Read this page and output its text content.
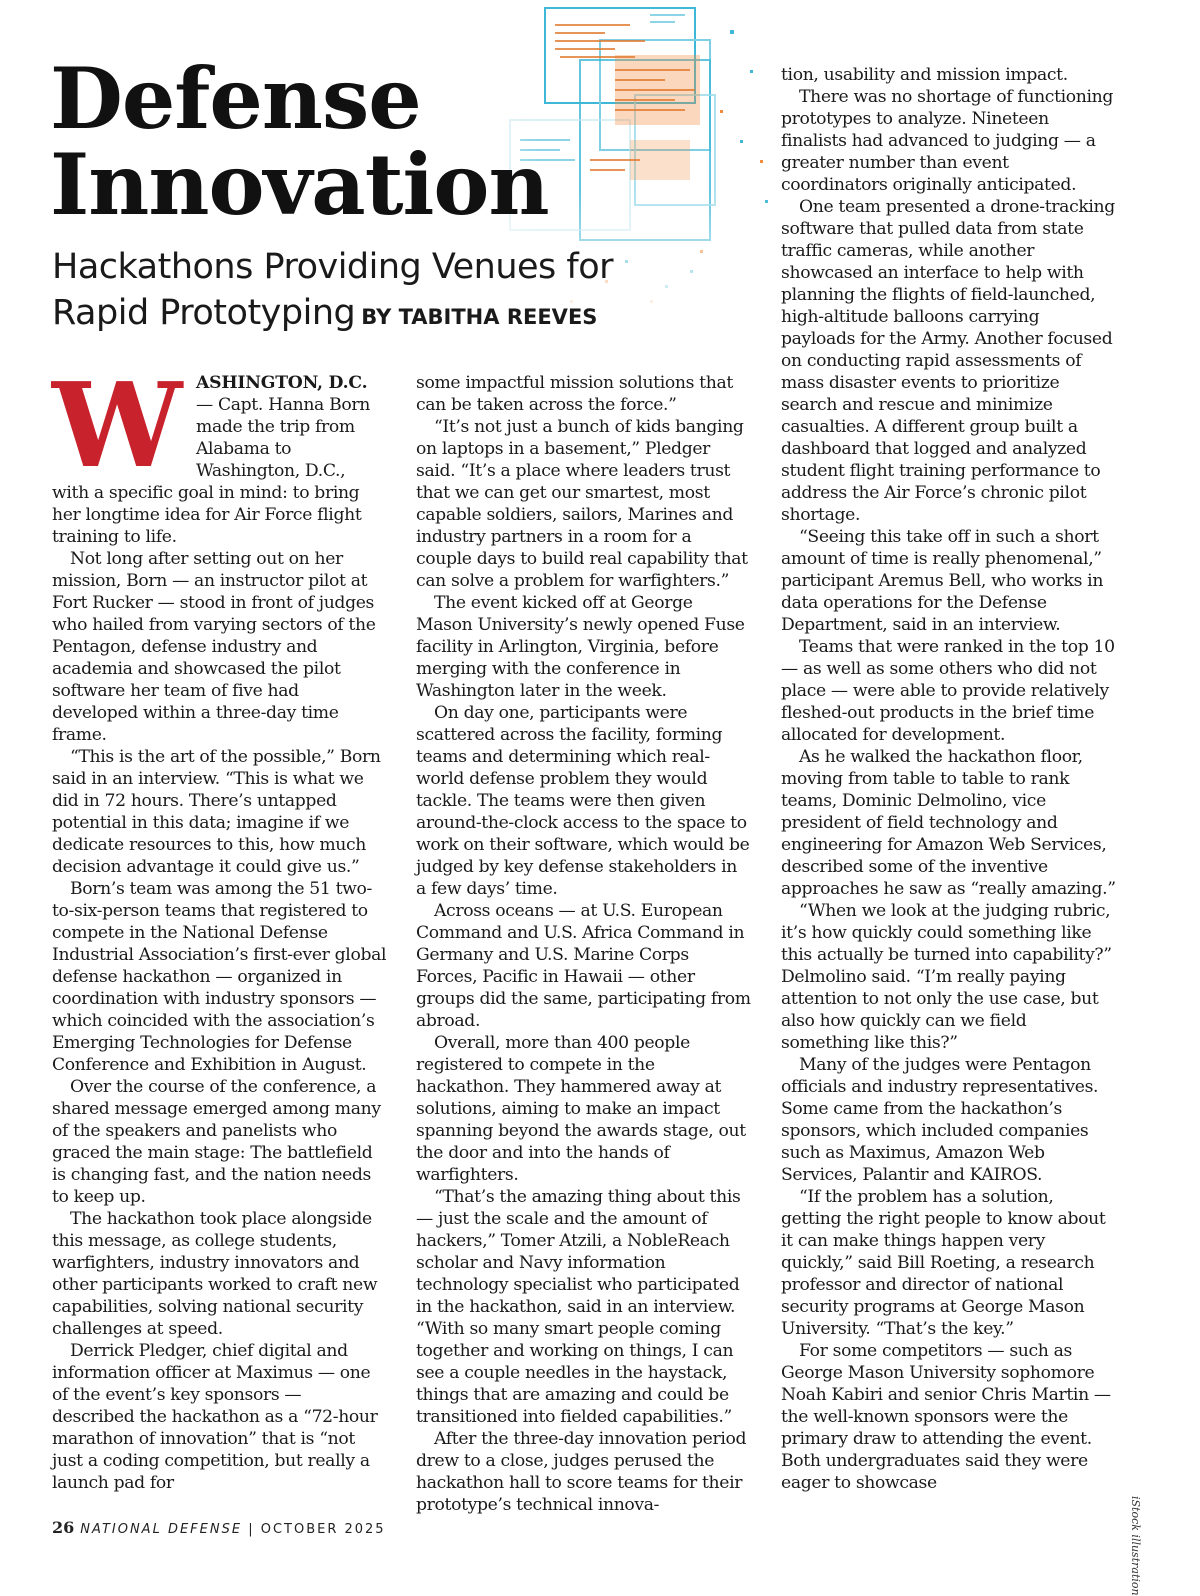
Defense
Innovation
Hackathons Providing Venues for Rapid Prototyping BY TABITHA REEVES
W	ASHINGTON, D.C.
— Capt. Hanna Born made the trip from Alabama to Washington, D.C., with a specific goal in mind: to bring her longtime idea for Air Force flight training to life.

Not long after setting out on her mission, Born — an instructor pilot at Fort Rucker — stood in front of judges who hailed from varying sectors of the Pentagon, defense industry and academia and showcased the pilot software her team of five had developed within a three-day time frame.

“This is the art of the possible,” Born said in an interview. “This is what we did in 72 hours. There’s untapped potential in this data; imagine if we dedicate resources to this, how much decision advantage it could give us.”

Born’s team was among the 51 two-to-six-person teams that registered to compete in the National Defense Industrial Association’s first-ever global defense hackathon — organized in coordination with industry sponsors — which coincided with the association’s Emerging Technologies for Defense Conference and Exhibition in August.

Over the course of the conference, a shared message emerged among many of the speakers and panelists who graced the main stage: The battlefield is changing fast, and the nation needs to keep up.

The hackathon took place alongside this message, as college students, warfighters, industry innovators and other participants worked to craft new capabilities, solving national security challenges at speed.

Derrick Pledger, chief digital and information officer at Maximus — one of the event’s key sponsors — described the hackathon as a “72-hour marathon of innovation” that is “not just a coding competition, but really a launch pad for

some impactful mission solutions that can be taken across the force.”

“It’s not just a bunch of kids banging on laptops in a basement,” Pledger said. “It’s a place where leaders trust that we can get our smartest, most capable soldiers, sailors, Marines and industry partners in a room for a couple days to build real capability that can solve a problem for warfighters.”

The event kicked off at George Mason University’s newly opened Fuse facility in Arlington, Virginia, before merging with the conference in Washington later in the week.

On day one, participants were scattered across the facility, forming teams and determining which real-world defense problem they would tackle. The teams were then given around-the-clock access to the space to work on their software, which would be judged by key defense stakeholders in a few days’ time.

Across oceans — at U.S. European Command and U.S. Africa Command in Germany and U.S. Marine Corps Forces, Pacific in Hawaii — other groups did the same, participating from abroad.

Overall, more than 400 people registered to compete in the hackathon. They hammered away at solutions, aiming to make an impact spanning beyond the awards stage, out the door and into the hands of warfighters.

“That’s the amazing thing about this — just the scale and the amount of hackers,” Tomer Atzili, a NobleReach scholar and Navy information technology specialist who participated in the hackathon, said in an interview. “With so many smart people coming together and working on things, I can see a couple needles in the haystack, things that are amazing and could be transitioned into fielded capabilities.”

After the three-day innovation period drew to a close, judges perused the hackathon hall to score teams for their prototype’s technical innova-

tion, usability and mission impact.

There was no shortage of functioning prototypes to analyze. Nineteen finalists had advanced to judging — a greater number than event coordinators originally anticipated.

One team presented a drone-tracking software that pulled data from state traffic cameras, while another showcased an interface to help with planning the flights of field-launched, high-altitude balloons carrying payloads for the Army. Another focused on conducting rapid assessments of mass disaster events to prioritize search and rescue and minimize casualties. A different group built a dashboard that logged and analyzed student flight training performance to address the Air Force’s chronic pilot shortage.

“Seeing this take off in such a short amount of time is really phenomenal,” participant Aremus Bell, who works in data operations for the Defense Department, said in an interview.

Teams that were ranked in the top 10 — as well as some others who did not place — were able to provide relatively fleshed-out products in the brief time allocated for development.

As he walked the hackathon floor, moving from table to table to rank teams, Dominic Delmolino, vice president of field technology and engineering for Amazon Web Services, described some of the inventive approaches he saw as “really amazing.”

“When we look at the judging rubric, it’s how quickly could something like this actually be turned into capability?” Delmolino said. “I’m really paying attention to not only the use case, but also how quickly can we field something like this?”

Many of the judges were Pentagon officials and industry representatives. Some came from the hackathon’s sponsors, which included companies such as Maximus, Amazon Web Services, Palantir and KAIROS.

“If the problem has a solution, getting the right people to know about it can make things happen very quickly,” said Bill Roeting, a research professor and director of national security programs at George Mason University. “That’s the key.”

For some competitors — such as George Mason University sophomore Noah Kabiri and senior Chris Martin — the well-known sponsors were the primary draw to attending the event. Both undergraduates said they were eager to showcase

iStock illustration
26 NATIONAL DEFENSE | OCTOBER 2025
